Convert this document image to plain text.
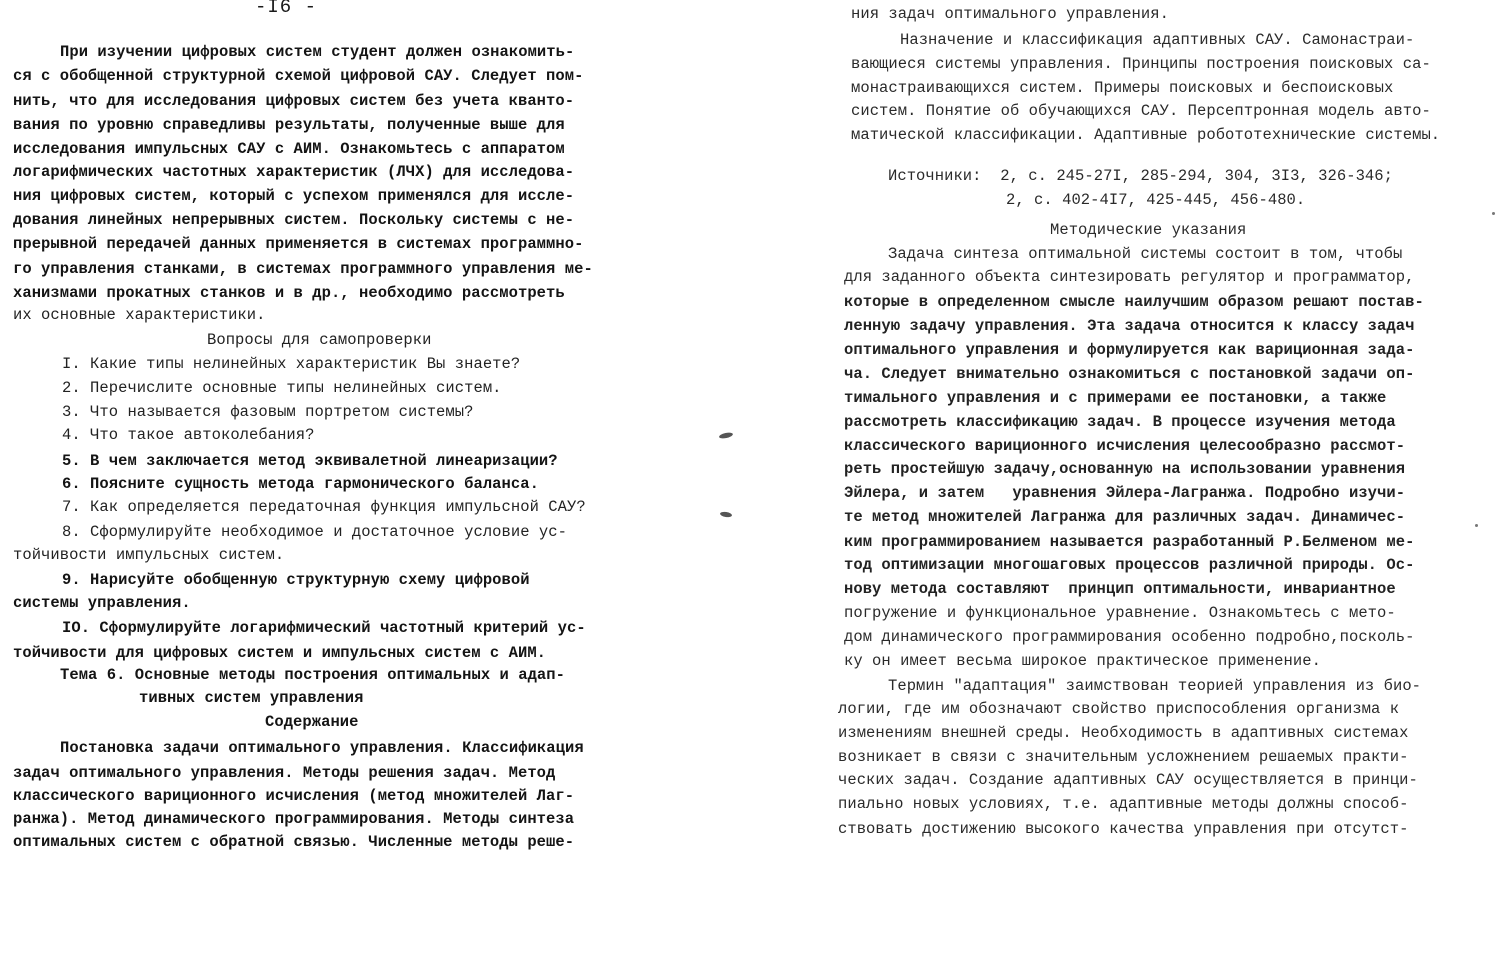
-I6 -
При изучении цифровых систем студент должен ознакомить-
ся с обобщенной структурной схемой цифровой САУ. Следует пом-
нить, что для исследования цифровых систем без учета кванто-
вания по уровню справедливы результаты, полученные выше для
исследования импульсных САУ с АИМ. Ознакомьтесь с аппаратом
логарифмических частотных характеристик (ЛЧХ) для исследова-
ния цифровых систем, который с успехом применялся для иссле-
дования линейных непрерывных систем. Поскольку системы с не-
прерывной передачей данных применяется в системах программно-
го управления станками, в системах программного управления ме-
ханизмами прокатных станков и в др., необходимо рассмотреть
их основные характеристики.
Вопросы для самопроверки
I. Какие типы нелинейных характеристик Вы знаете?
2. Перечислите основные типы нелинейных систем.
3. Что называется фазовым портретом системы?
4. Что такое автоколебания?
5. В чем заключается метод эквивалетной линеаризации?
6. Поясните сущность метода гармонического баланса.
7. Как определяется передаточная функция импульсной САУ?
8. Сформулируйте необходимое и достаточное условие ус-
тойчивости импульсных систем.
9. Нарисуйте обобщенную структурную схему цифровой
системы управления.
IO. Сформулируйте логарифмический частотный критерий ус-
тойчивости для цифровых систем и импульсных систем с АИМ.
Тема 6. Основные методы построения оптимальных и адап-
тивных систем управления
Содержание
Постановка задачи оптимального управления. Классификация
задач оптимального управления. Методы решения задач. Метод
классического вариционного исчисления (метод множителей Лаг-
ранжа). Метод динамического программирования. Методы синтеза
оптимальных систем с обратной связью. Численные методы реше-
ния задач оптимального управления.
Назначение и классификация адаптивных САУ. Самонастраи-
вающиеся системы управления. Принципы построения поисковых са-
монастраивающихся систем. Примеры поисковых и беспоисковых
систем. Понятие об обучающихся САУ. Персептронная модель авто-
матической классификации. Адаптивные робототехнические системы.
Источники:  2, с. 245-27I, 285-294, 304, 3I3, 326-346;
2, с. 402-4I7, 425-445, 456-480.
Методические указания
Задача синтеза оптимальной системы состоит в том, чтобы
для заданного объекта синтезировать регулятор и программатор,
которые в определенном смысле наилучшим образом решают постав-
ленную задачу управления. Эта задача относится к классу задач
оптимального управления и формулируется как вариционная зада-
ча. Следует внимательно ознакомиться с постановкой задачи оп-
тимального управления и с примерами ее постановки, а также
рассмотреть классификацию задач. В процессе изучения метода
классического вариционного исчисления целесообразно рассмот-
реть простейшую задачу,основанную на использовании уравнения
Эйлера, и затем   уравнения Эйлера-Лагранжа. Подробно изучи-
те метод множителей Лагранжа для различных задач. Динамичес-
ким программированием называется разработанный Р.Белменом ме-
тод оптимизации многошаговых процессов различной природы. Ос-
нову метода составляют  принцип оптимальности, инвариантное
погружение и функциональное уравнение. Ознакомьтесь с мето-
дом динамического программирования особенно подробно,посколь-
ку он имеет весьма широкое практическое применение.
Термин "адаптация" заимствован теорией управления из био-
логии, где им обозначают свойство приспособления организма к
изменениям внешней среды. Необходимость в адаптивных системах
возникает в связи с значительным усложнением решаемых практи-
ческих задач. Создание адаптивных САУ осуществляется в принци-
пиально новых условиях, т.е. адаптивные методы должны способ-
ствовать достижению высокого качества управления при отсутст-
